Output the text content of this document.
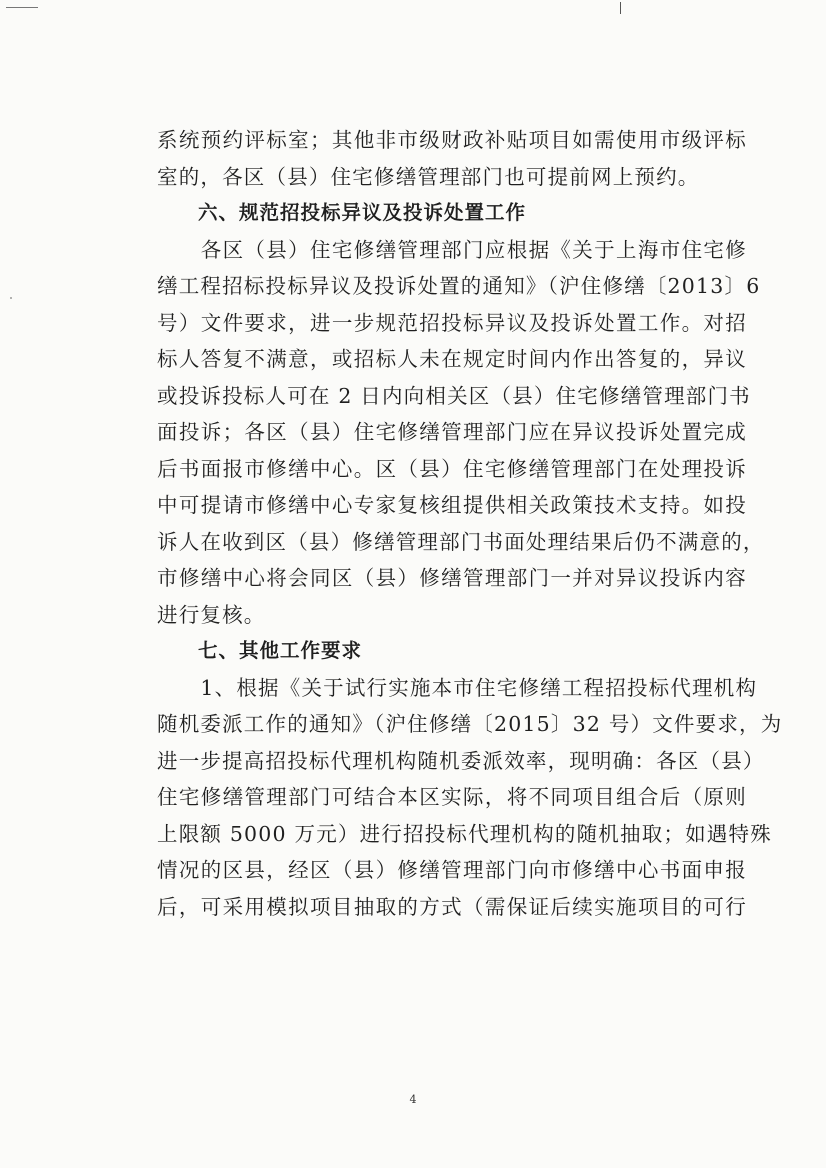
系统预约评标室；其他非市级财政补贴项目如需使用市级评标
室的，各区（县）住宅修缮管理部门也可提前网上预约。
六、规范招投标异议及投诉处置工作
　　各区（县）住宅修缮管理部门应根据《关于上海市住宅修
缮工程招标投标异议及投诉处置的通知》（沪住修缮〔2013〕6
号）文件要求，进一步规范招投标异议及投诉处置工作。对招
标人答复不满意，或招标人未在规定时间内作出答复的，异议
或投诉投标人可在 2 日内向相关区（县）住宅修缮管理部门书
面投诉；各区（县）住宅修缮管理部门应在异议投诉处置完成
后书面报市修缮中心。区（县）住宅修缮管理部门在处理投诉
中可提请市修缮中心专家复核组提供相关政策技术支持。如投
诉人在收到区（县）修缮管理部门书面处理结果后仍不满意的，
市修缮中心将会同区（县）修缮管理部门一并对异议投诉内容
进行复核。
七、其他工作要求
　　1、根据《关于试行实施本市住宅修缮工程招投标代理机构
随机委派工作的通知》（沪住修缮〔2015〕32 号）文件要求，为
进一步提高招投标代理机构随机委派效率，现明确：各区（县）
住宅修缮管理部门可结合本区实际，将不同项目组合后（原则
上限额 5000 万元）进行招投标代理机构的随机抽取；如遇特殊
情况的区县，经区（县）修缮管理部门向市修缮中心书面申报
后，可采用模拟项目抽取的方式（需保证后续实施项目的可行
4
